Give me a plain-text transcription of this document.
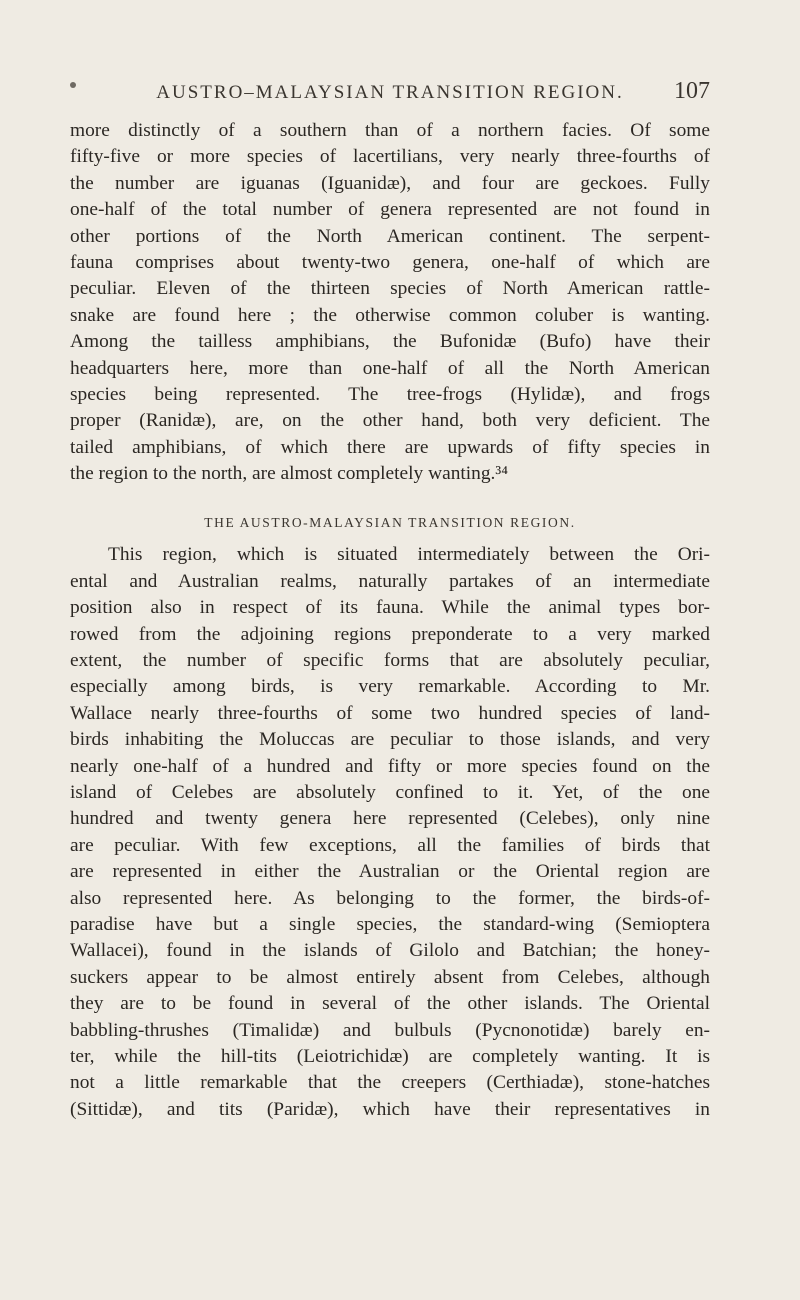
AUSTRO–MALAYSIAN TRANSITION REGION.	107
more distinctly of a southern than of a northern facies. Of some
fifty-five or more species of lacertilians, very nearly three-fourths of
the number are iguanas (Iguanidæ), and four are geckoes. Fully
one-half of the total number of genera represented are not found in
other portions of the North American continent. The serpent-
fauna comprises about twenty-two genera, one-half of which are
peculiar. Eleven of the thirteen species of North American rattle-
snake are found here ; the otherwise common coluber is wanting.
Among the tailless amphibians, the Bufonidæ (Bufo) have their
headquarters here, more than one-half of all the North American
species being represented. The tree-frogs (Hylidæ), and frogs
proper (Ranidæ), are, on the other hand, both very deficient. The
tailed amphibians, of which there are upwards of fifty species in
the region to the north, are almost completely wanting.³⁴
THE AUSTRO-MALAYSIAN TRANSITION REGION.
This region, which is situated intermediately between the Ori-
ental and Australian realms, naturally partakes of an intermediate
position also in respect of its fauna. While the animal types bor-
rowed from the adjoining regions preponderate to a very marked
extent, the number of specific forms that are absolutely peculiar,
especially among birds, is very remarkable. According to Mr.
Wallace nearly three-fourths of some two hundred species of land-
birds inhabiting the Moluccas are peculiar to those islands, and very
nearly one-half of a hundred and fifty or more species found on the
island of Celebes are absolutely confined to it. Yet, of the one
hundred and twenty genera here represented (Celebes), only nine
are peculiar. With few exceptions, all the families of birds that
are represented in either the Australian or the Oriental region are
also represented here. As belonging to the former, the birds-of-
paradise have but a single species, the standard-wing (Semioptera
Wallacei), found in the islands of Gilolo and Batchian; the honey-
suckers appear to be almost entirely absent from Celebes, although
they are to be found in several of the other islands. The Oriental
babbling-thrushes (Timalidæ) and bulbuls (Pycnonotidæ) barely en-
ter, while the hill-tits (Leiotrichidæ) are completely wanting. It is
not a little remarkable that the creepers (Certhiadæ), stone-hatches
(Sittidæ), and tits (Paridæ), which have their representatives in
